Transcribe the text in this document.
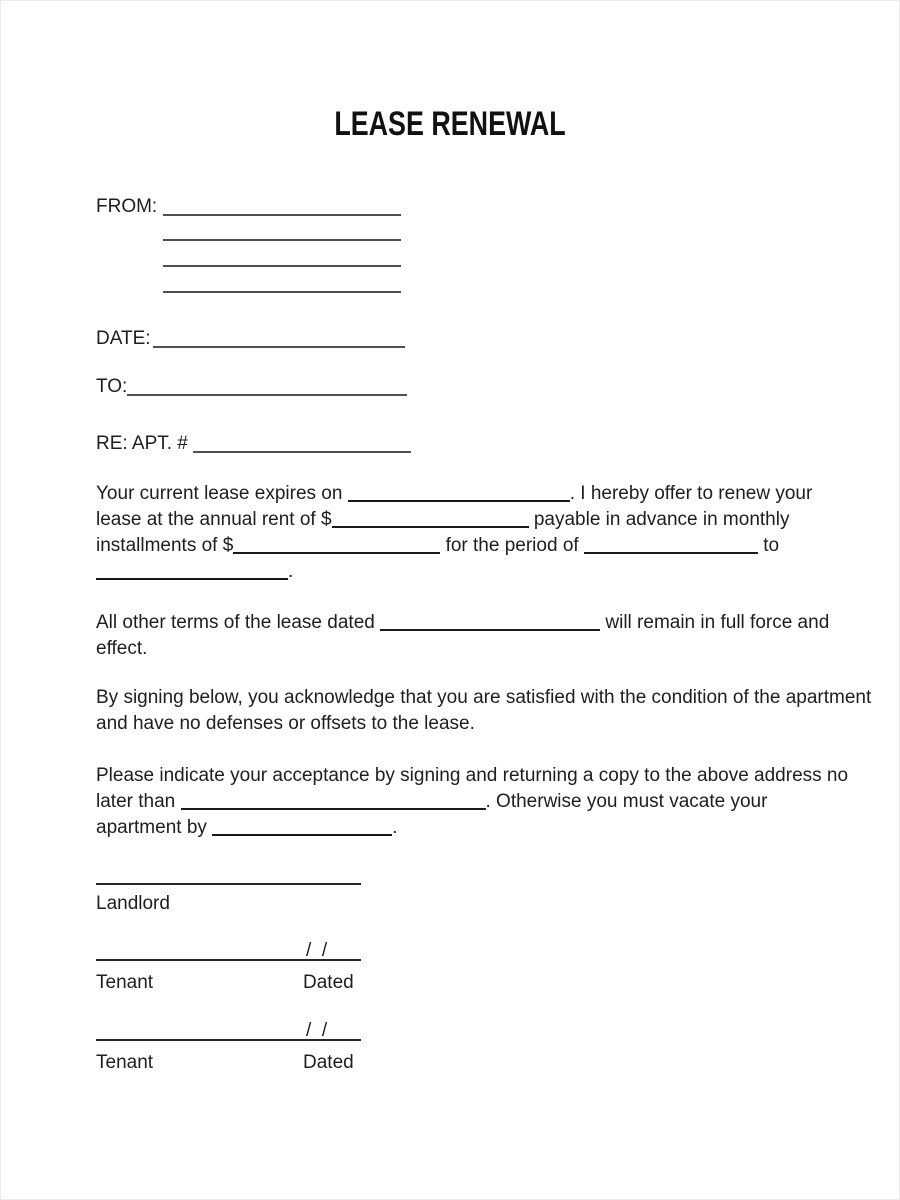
LEASE RENEWAL
FROM:
DATE:
TO:
RE: APT. #
Your current lease expires on	. I hereby offer to renew your
lease at the annual rent of $	payable in advance in monthly
installments of $	for the period of	to
.
All other terms of the lease dated	will remain in full force and
effect.
By signing below, you acknowledge that you are satisfied with the condition of the apartment
and have no defenses or offsets to the lease.
Please indicate your acceptance by signing and returning a copy to the above address no
later than	. Otherwise you must vacate your
apartment by	.
Landlord
/  /
Tenant	Dated
/  /
Tenant	Dated
